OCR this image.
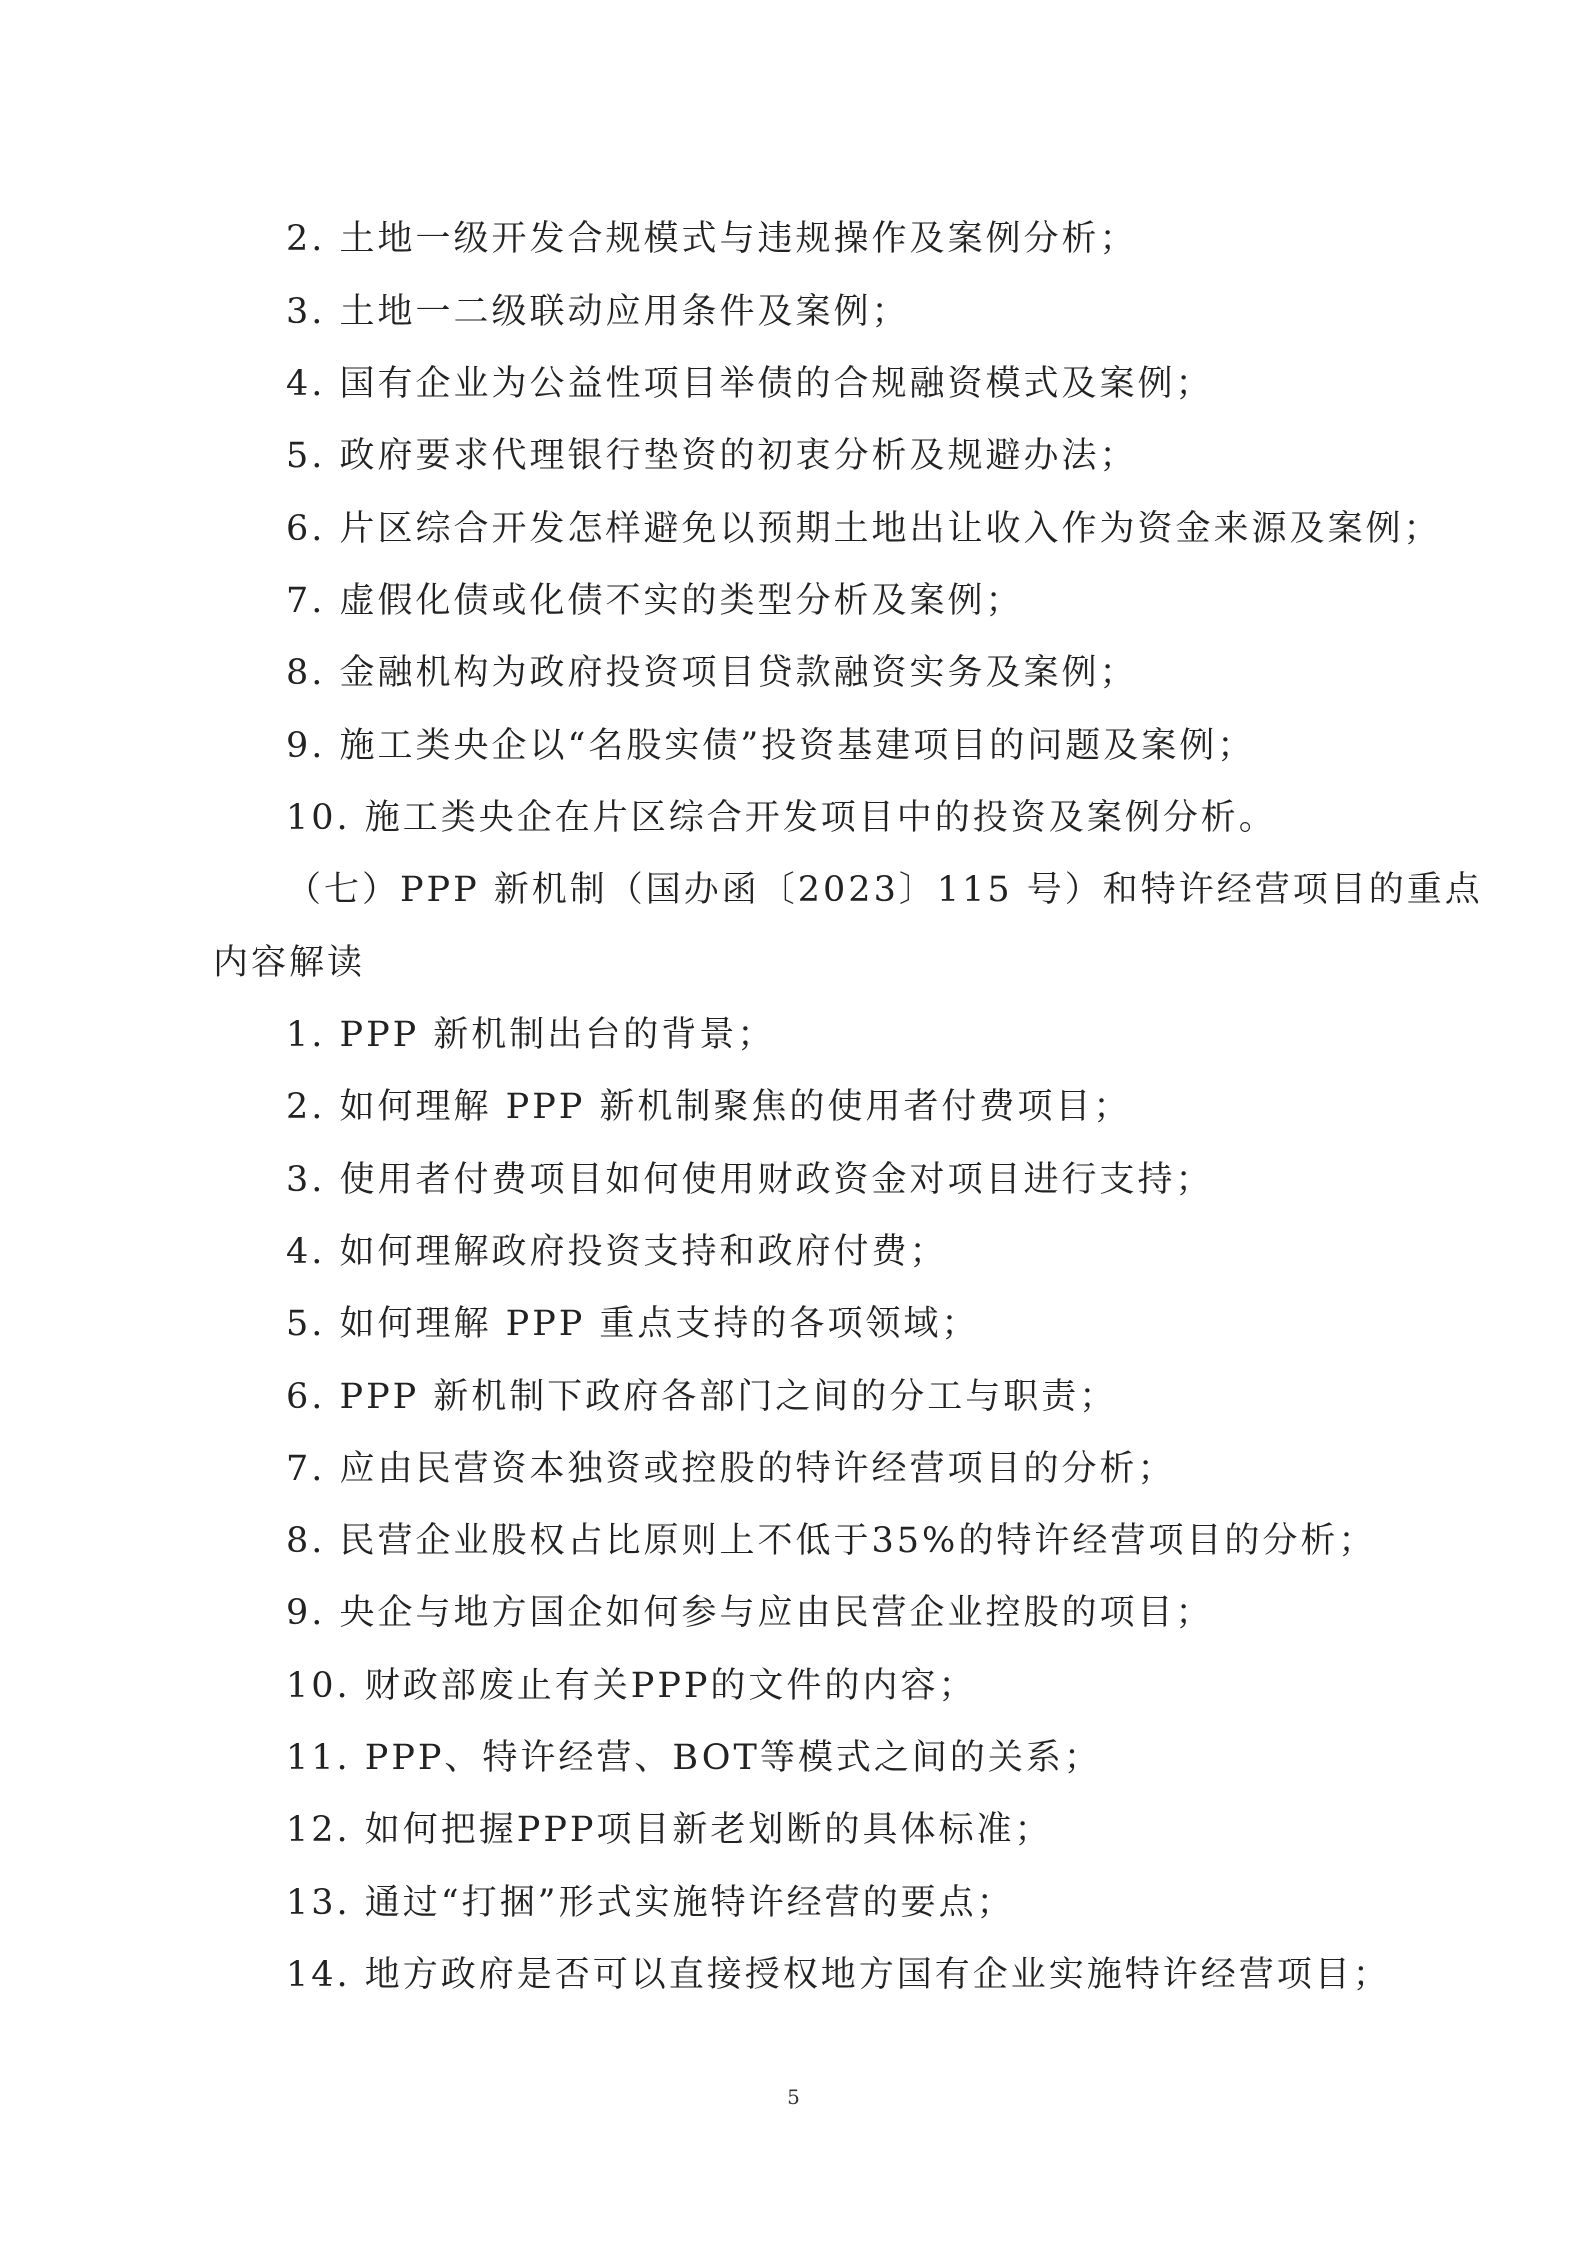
2. 土地一级开发合规模式与违规操作及案例分析；
3. 土地一二级联动应用条件及案例；
4. 国有企业为公益性项目举债的合规融资模式及案例；
5. 政府要求代理银行垫资的初衷分析及规避办法；
6. 片区综合开发怎样避免以预期土地出让收入作为资金来源及案例；
7. 虚假化债或化债不实的类型分析及案例；
8. 金融机构为政府投资项目贷款融资实务及案例；
9. 施工类央企以“名股实债”投资基建项目的问题及案例；
10. 施工类央企在片区综合开发项目中的投资及案例分析。
（七）PPP 新机制（国办函〔2023〕115 号）和特许经营项目的重点
内容解读
1. PPP 新机制出台的背景；
2. 如何理解 PPP 新机制聚焦的使用者付费项目；
3. 使用者付费项目如何使用财政资金对项目进行支持；
4. 如何理解政府投资支持和政府付费；
5. 如何理解 PPP 重点支持的各项领域；
6. PPP 新机制下政府各部门之间的分工与职责；
7. 应由民营资本独资或控股的特许经营项目的分析；
8. 民营企业股权占比原则上不低于35%的特许经营项目的分析；
9. 央企与地方国企如何参与应由民营企业控股的项目；
10. 财政部废止有关PPP的文件的内容；
11. PPP、特许经营、BOT等模式之间的关系；
12. 如何把握PPP项目新老划断的具体标准；
13. 通过“打捆”形式实施特许经营的要点；
14. 地方政府是否可以直接授权地方国有企业实施特许经营项目；
5
